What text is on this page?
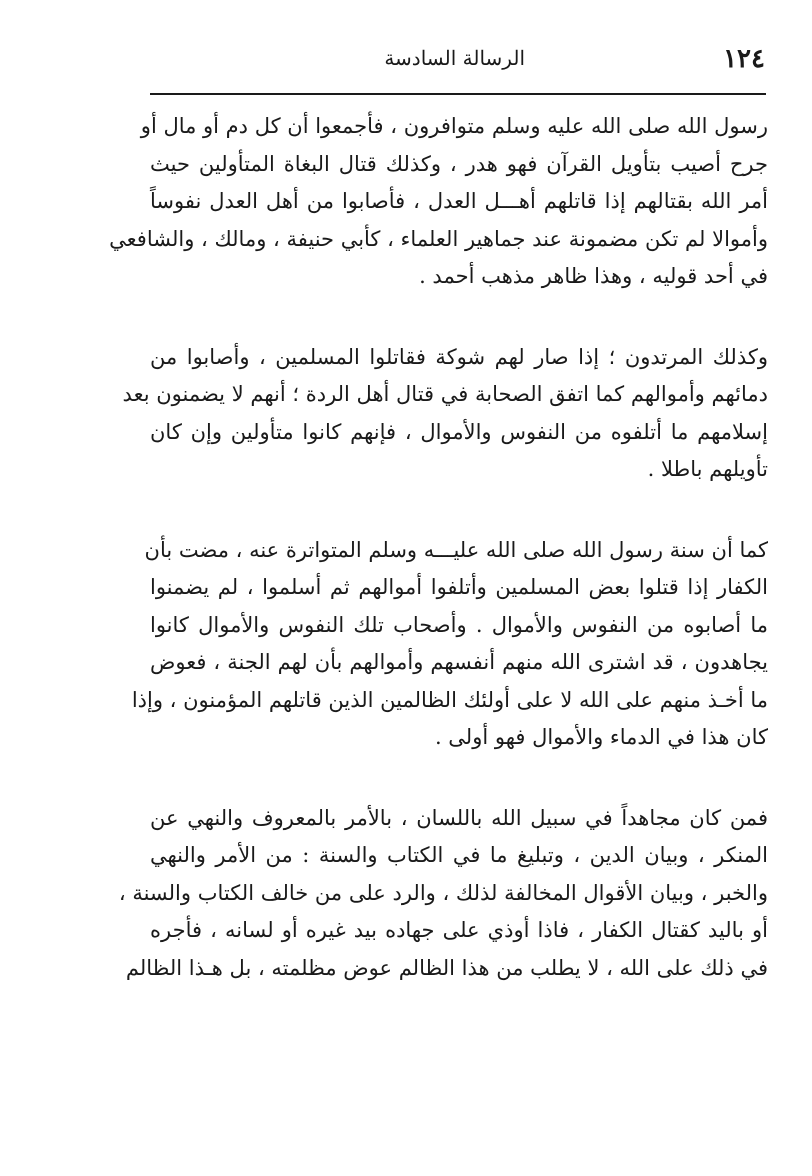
١٢٤
الرسالة السادسة

رسول الله صلى الله عليه وسلم متوافرون ، فأجمعوا أن كل دم أو مال أو
جرح أصيب بتأويل القرآن فهو هدر ، وكذلك قتال البغاة المتأولين حيث
أمر الله بقتالهم إذا قاتلهم أهـــل العدل ، فأصابوا من أهل العدل نفوساً
وأموالا لم تكن مضمونة عند جماهير العلماء ، كأبي حنيفة ، ومالك ، والشافعي
في أحد قوليه ، وهذا ظاهر مذهب أحمد .

وكذلك المرتدون ؛ إذا صار لهم شوكة فقاتلوا المسلمين ، وأصابوا من
دمائهم وأموالهم كما اتفق الصحابة في قتال أهل الردة ؛ أنهم لا يضمنون بعد
إسلامهم ما أتلفوه من النفوس والأموال ، فإنهم كانوا متأولين وإن كان
تأويلهم باطلا .

كما أن سنة رسول الله صلى الله عليـــه وسلم المتواترة عنه ، مضت بأن
الكفار إذا قتلوا بعض المسلمين وأتلفوا أموالهم ثم أسلموا ، لم يضمنوا
ما أصابوه من النفوس والأموال . وأصحاب تلك النفوس والأموال كانوا
يجاهدون ، قد اشترى الله منهم أنفسهم وأموالهم بأن لهم الجنة ، فعوض
ما أخـذ منهم على الله لا على أولئك الظالمين الذين قاتلهم المؤمنون ، وإذا
كان هذا في الدماء والأموال فهو أولى .

فمن كان مجاهداً في سبيل الله باللسان ، بالأمر بالمعروف والنهي عن
المنكر ، وبيان الدين ، وتبليغ ما في الكتاب والسنة : من الأمر والنهي
والخبر ، وبيان الأقوال المخالفة لذلك ، والرد على من خالف الكتاب والسنة ،
أو باليد كقتال الكفار ، فاذا أوذي على جهاده بيد غيره أو لسانه ، فأجره
في ذلك على الله ، لا يطلب من هذا الظالم عوض مظلمته ، بل هـذا الظالم
